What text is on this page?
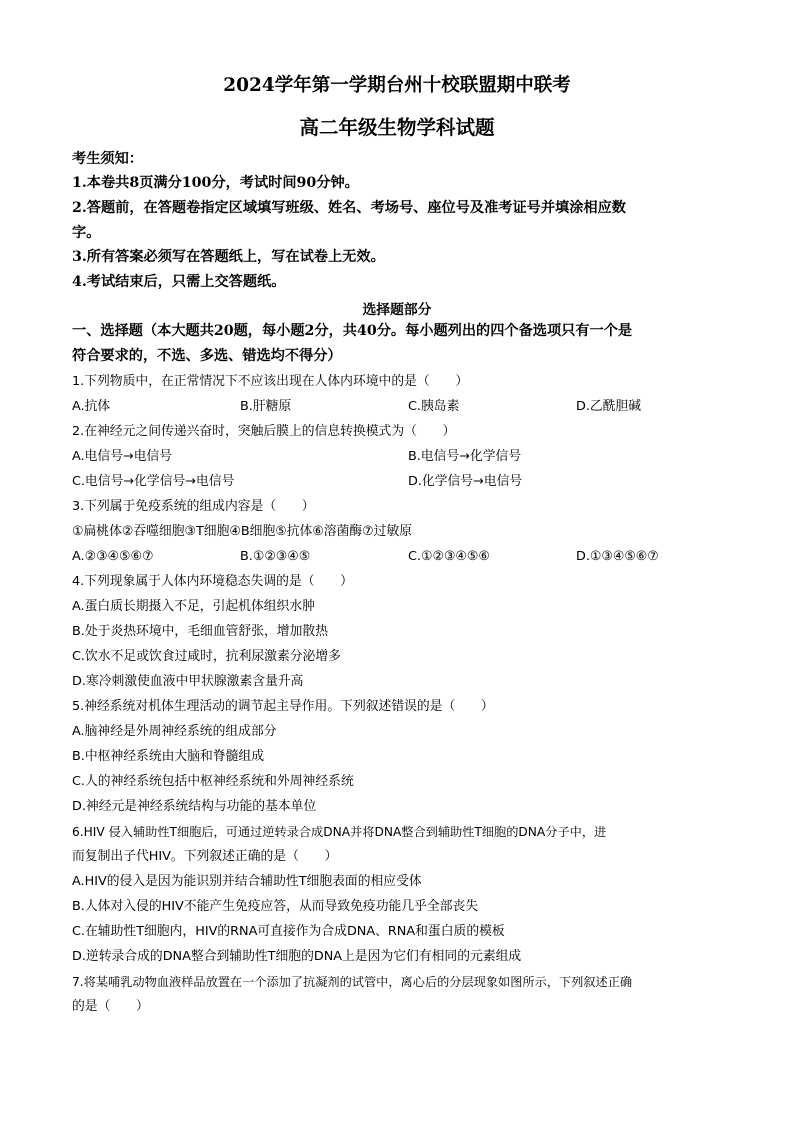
2024学年第一学期台州十校联盟期中联考
高二年级生物学科试题
考生须知：
1.本卷共8页满分100分，考试时间90分钟。
2.答题前，在答题卷指定区域填写班级、姓名、考场号、座位号及准考证号并填涂相应数
字。
3.所有答案必须写在答题纸上，写在试卷上无效。
4.考试结束后，只需上交答题纸。
选择题部分
一、选择题（本大题共20题，每小题2分，共40分。每小题列出的四个备选项只有一个是
符合要求的，不选、多选、错选均不得分）
1.下列物质中，在正常情况下不应该出现在人体内环境中的是（　　）
A.抗体	B.肝糖原	C.胰岛素	D.乙酰胆碱
2.在神经元之间传递兴奋时，突触后膜上的信息转换模式为（　　）
A.电信号→电信号	B.电信号→化学信号
C.电信号→化学信号→电信号	D.化学信号→电信号
3.下列属于免疫系统的组成内容是（　　）
①扁桃体②吞噬细胞③T细胞④B细胞⑤抗体⑥溶菌酶⑦过敏原
A.②③④⑤⑥⑦	B.①②③④⑤	C.①②③④⑤⑥	D.①③④⑤⑥⑦
4.下列现象属于人体内环境稳态失调的是（　　）
A.蛋白质长期摄入不足，引起机体组织水肿
B.处于炎热环境中，毛细血管舒张，增加散热
C.饮水不足或饮食过咸时，抗利尿激素分泌增多
D.寒冷刺激使血液中甲状腺激素含量升高
5.神经系统对机体生理活动的调节起主导作用。下列叙述错误的是（　　）
A.脑神经是外周神经系统的组成部分
B.中枢神经系统由大脑和脊髓组成
C.人的神经系统包括中枢神经系统和外周神经系统
D.神经元是神经系统结构与功能的基本单位
6.HIV 侵入辅助性T细胞后，可通过逆转录合成DNA并将DNA整合到辅助性T细胞的DNA分子中，进
而复制出子代HIV。下列叙述正确的是（　　）
A.HIV的侵入是因为能识别并结合辅助性T细胞表面的相应受体
B.人体对入侵的HIV不能产生免疫应答，从而导致免疫功能几乎全部丧失
C.在辅助性T细胞内，HIV的RNA可直接作为合成DNA、RNA和蛋白质的模板
D.逆转录合成的DNA整合到辅助性T细胞的DNA上是因为它们有相同的元素组成
7.将某哺乳动物血液样品放置在一个添加了抗凝剂的试管中，离心后的分层现象如图所示，下列叙述正确
的是（　　）
